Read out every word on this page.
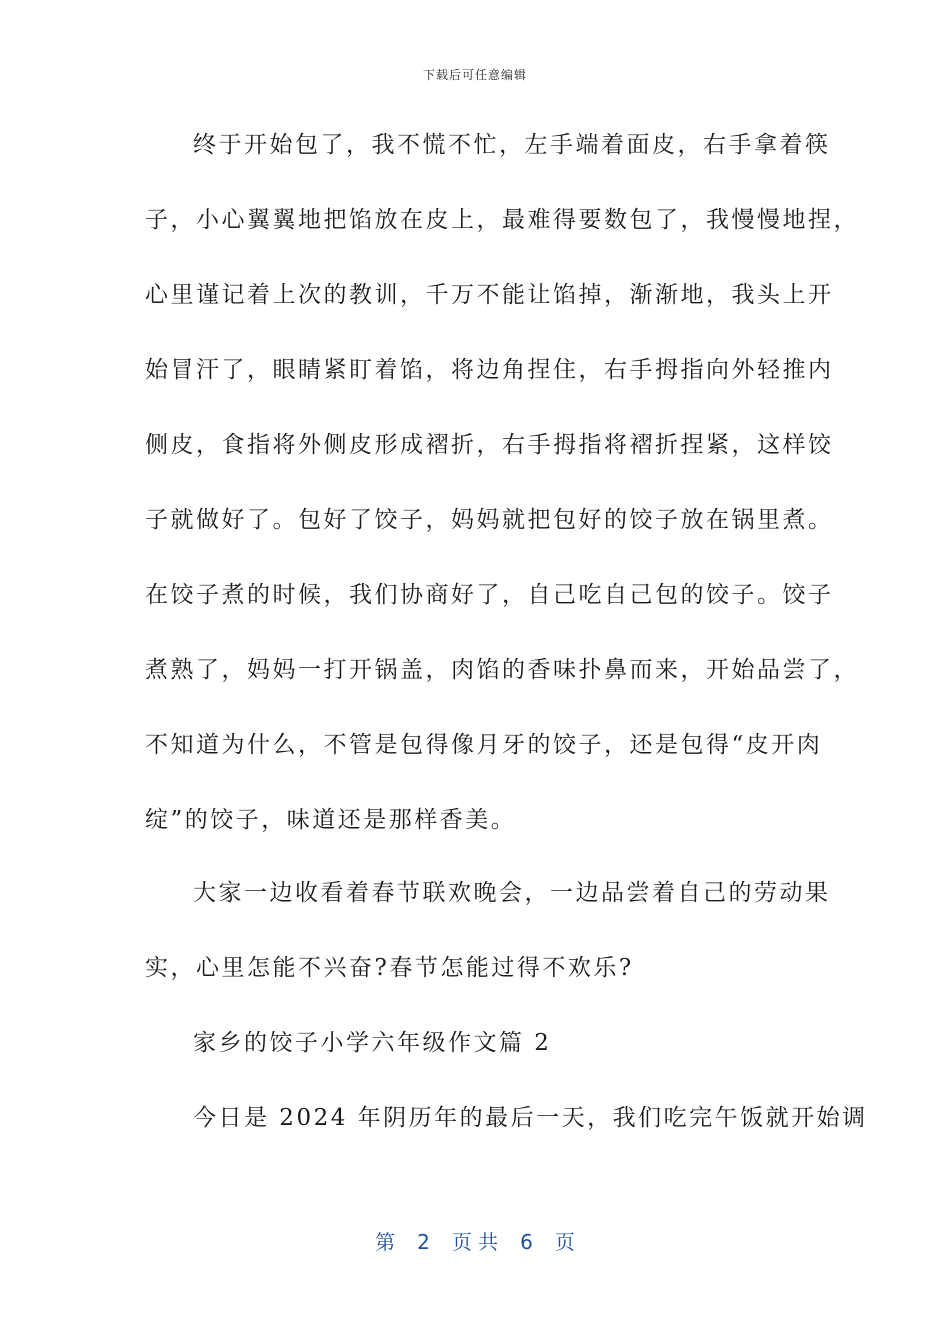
下载后可任意编辑
终于开始包了，我不慌不忙，左手端着面皮，右手拿着筷
子，小心翼翼地把馅放在皮上，最难得要数包了，我慢慢地捏，
心里谨记着上次的教训，千万不能让馅掉，渐渐地，我头上开
始冒汗了，眼睛紧盯着馅，将边角捏住，右手拇指向外轻推内
侧皮，食指将外侧皮形成褶折，右手拇指将褶折捏紧，这样饺
子就做好了。包好了饺子，妈妈就把包好的饺子放在锅里煮。
在饺子煮的时候，我们协商好了，自己吃自己包的饺子。饺子
煮熟了，妈妈一打开锅盖，肉馅的香味扑鼻而来，开始品尝了，
不知道为什么，不管是包得像月牙的饺子，还是包得“皮开肉
绽”的饺子，味道还是那样香美。
大家一边收看着春节联欢晚会，一边品尝着自己的劳动果
实，心里怎能不兴奋?春节怎能过得不欢乐?
家乡的饺子小学六年级作文篇 2
今日是 2024 年阴历年的最后一天，我们吃完午饭就开始调
第 2 页 共 6 页
